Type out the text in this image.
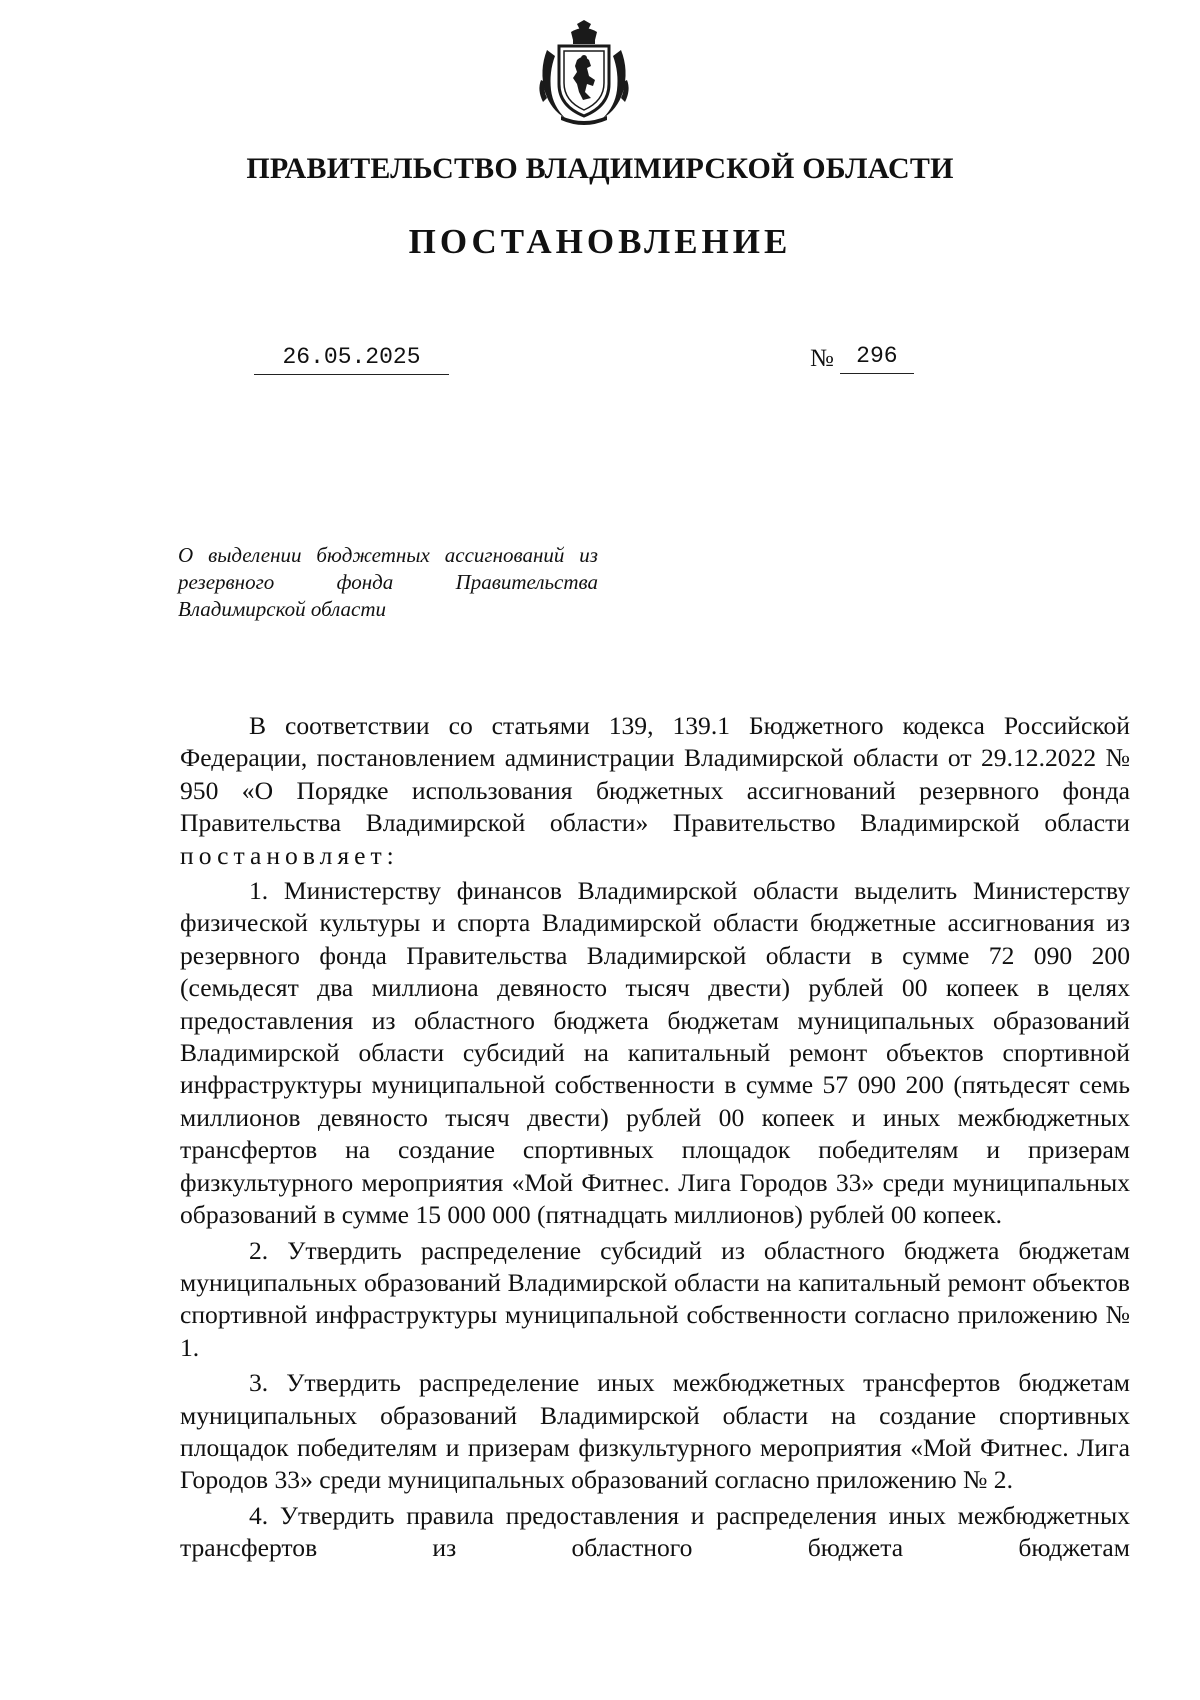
ПРАВИТЕЛЬСТВО ВЛАДИМИРСКОЙ ОБЛАСТИ
ПОСТАНОВЛЕНИЕ
26.05.2025	№ 296
О выделении бюджетных ассигнований из резервного фонда Правительства Владимирской области

В соответствии со статьями 139, 139.1 Бюджетного кодекса Российской Федерации, постановлением администрации Владимирской области от 29.12.2022 № 950 «О Порядке использования бюджетных ассигнований резервного фонда Правительства Владимирской области» Правительство Владимирской области постановляет:

1. Министерству финансов Владимирской области выделить Министерству физической культуры и спорта Владимирской области бюджетные ассигнования из резервного фонда Правительства Владимирской области в сумме 72 090 200 (семьдесят два миллиона девяносто тысяч двести) рублей 00 копеек в целях предоставления из областного бюджета бюджетам муниципальных образований Владимирской области субсидий на капитальный ремонт объектов спортивной инфраструктуры муниципальной собственности в сумме 57 090 200 (пятьдесят семь миллионов девяносто тысяч двести) рублей 00 копеек и иных межбюджетных трансфертов на создание спортивных площадок победителям и призерам физкультурного мероприятия «Мой Фитнес. Лига Городов 33» среди муниципальных образований в сумме 15 000 000 (пятнадцать миллионов) рублей 00 копеек.

2. Утвердить распределение субсидий из областного бюджета бюджетам муниципальных образований Владимирской области на капитальный ремонт объектов спортивной инфраструктуры муниципальной собственности согласно приложению № 1.

3. Утвердить распределение иных межбюджетных трансфертов бюджетам муниципальных образований Владимирской области на создание спортивных площадок победителям и призерам физкультурного мероприятия «Мой Фитнес. Лига Городов 33» среди муниципальных образований согласно приложению № 2.

4. Утвердить правила предоставления и распределения иных межбюджетных трансфертов из областного бюджета бюджетам
